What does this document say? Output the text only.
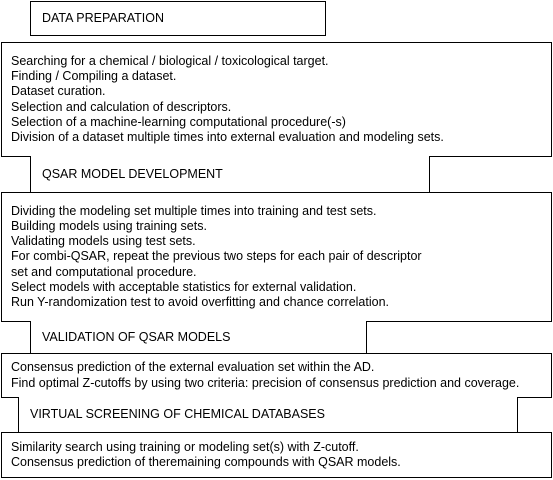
DATA PREPARATION
Searching for a chemical / biological / toxicological target.
Finding / Compiling a dataset.
Dataset curation.
Selection and calculation of descriptors.
Selection of a machine-learning computational procedure(-s)
Division of a dataset multiple times into external evaluation and modeling sets.
QSAR MODEL DEVELOPMENT
Dividing the modeling set multiple times into training and test sets.
Building models using training sets.
Validating models using test sets.
For combi-QSAR, repeat the previous two steps for each pair of descriptor set and computational procedure.
Select models with acceptable statistics for external validation.
Run Y-randomization test to avoid overfitting and chance correlation.
VALIDATION OF QSAR MODELS
Consensus prediction of the external evaluation set within the AD.
Find optimal Z-cutoffs by using two criteria: precision of consensus prediction and coverage.
VIRTUAL SCREENING OF CHEMICAL DATABASES
Similarity search using training or modeling set(s) with Z-cutoff.
Consensus prediction of theremaining compounds with QSAR models.
